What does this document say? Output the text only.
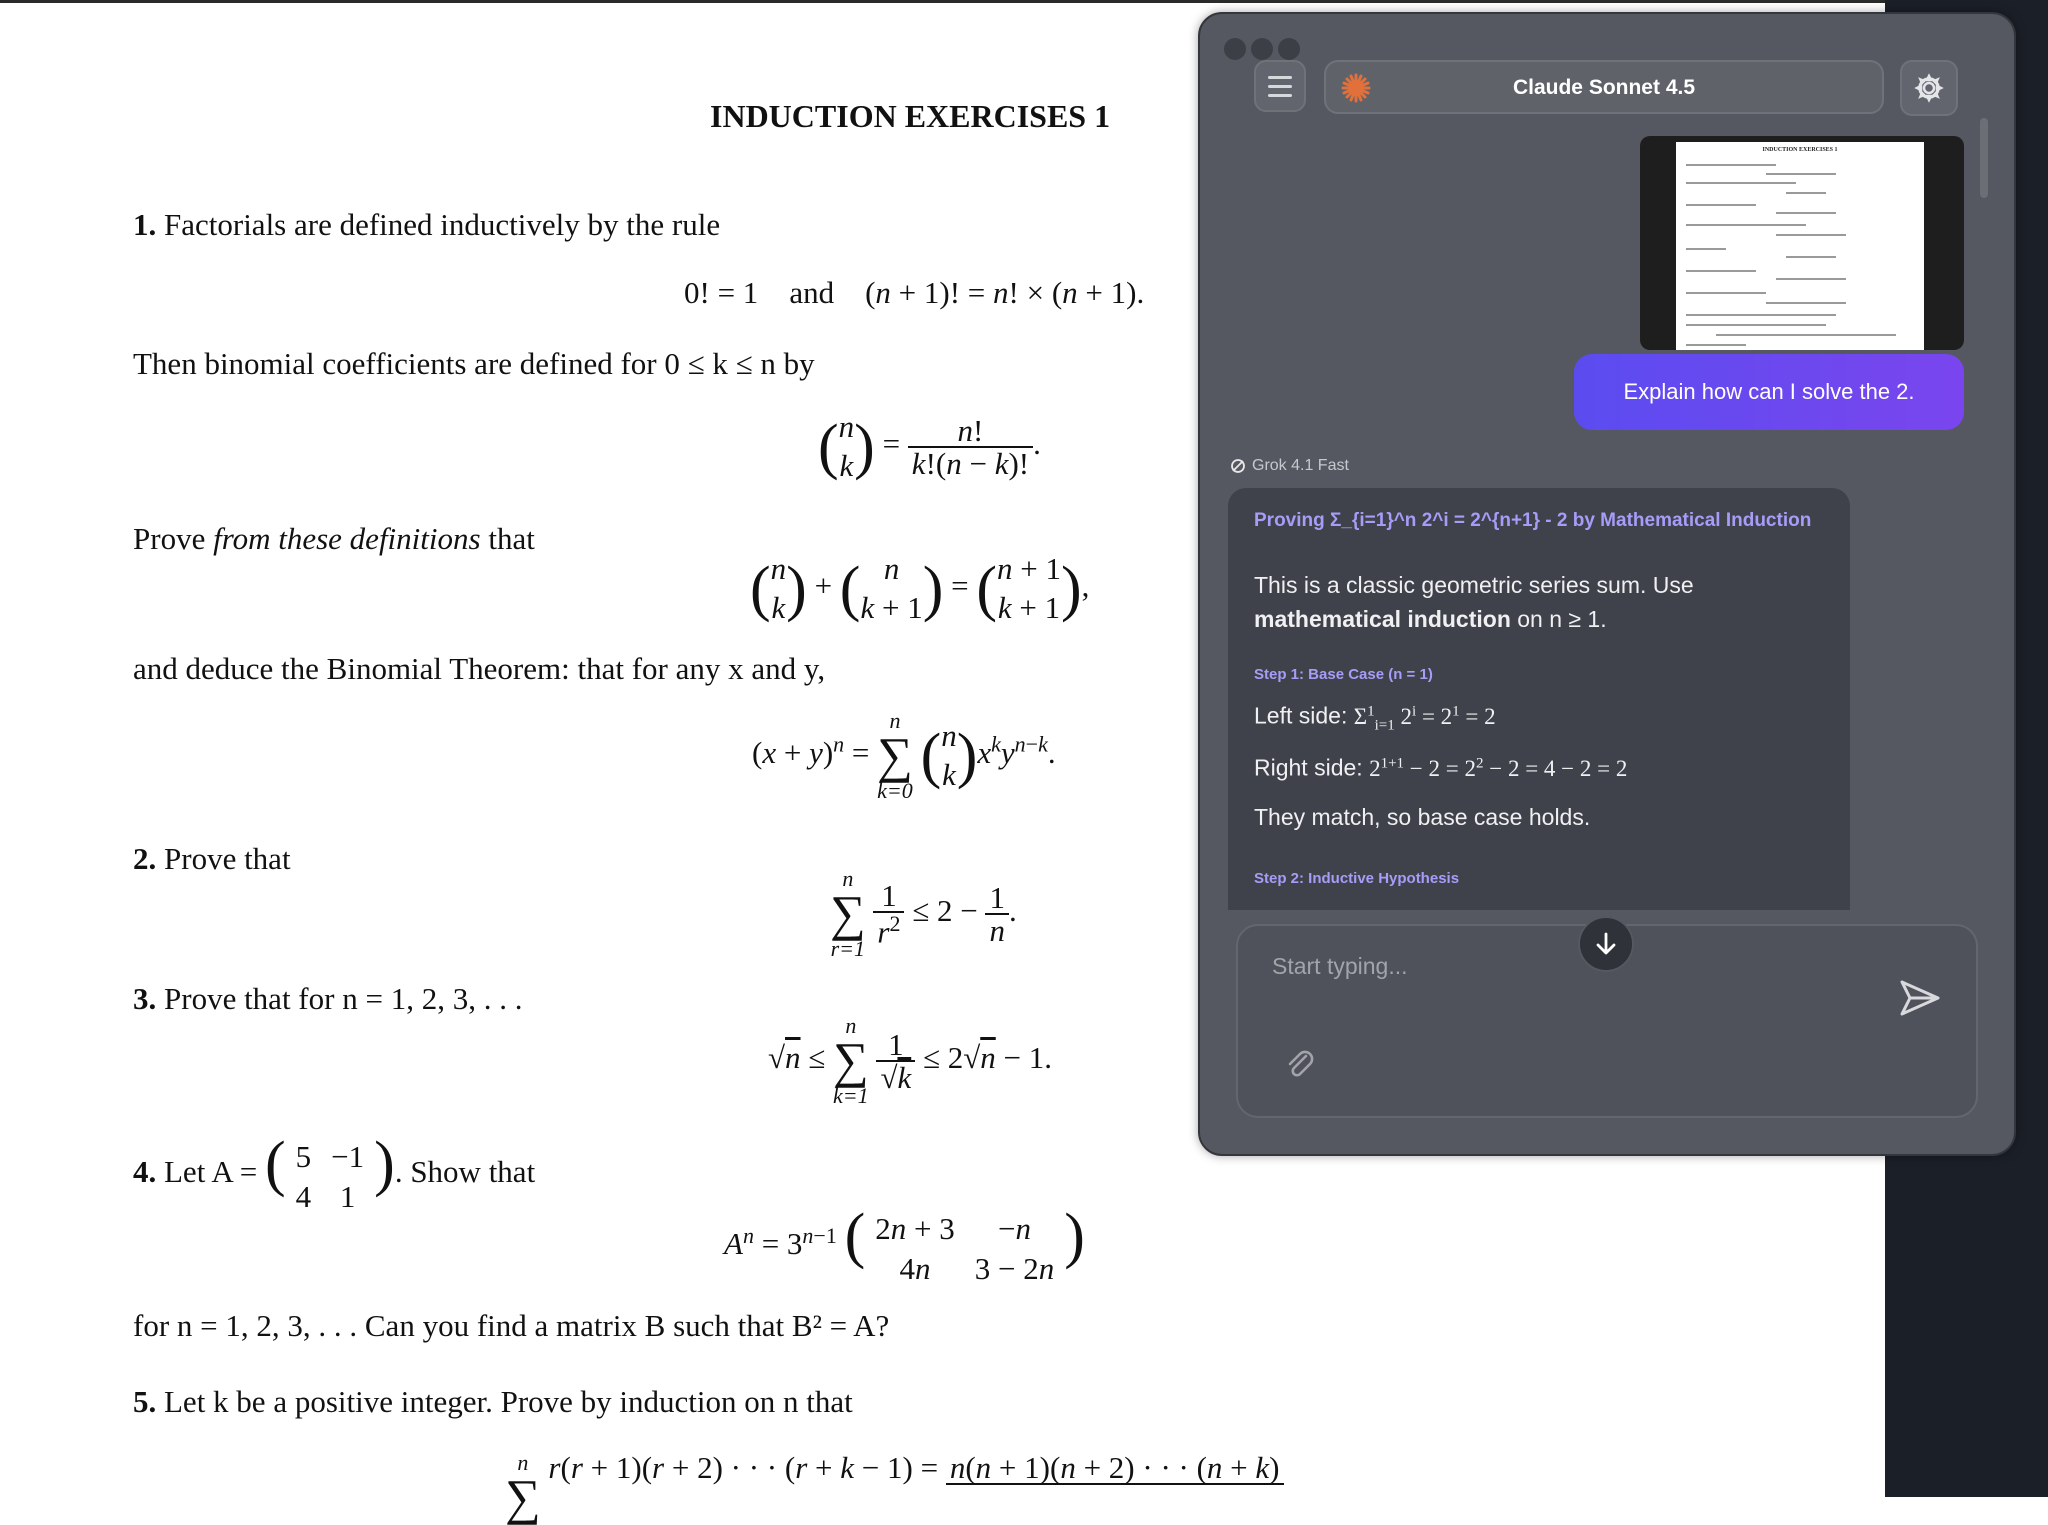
INDUCTION EXERCISES 1
1. Factorials are defined inductively by the rule
0! = 1    and    (n + 1)! = n! × (n + 1).
Then binomial coefficients are defined for 0 ≤ k ≤ n by
(n
$k) = \frac{n!}{k!(n - k)!}$ .
Prove from these definitions that
(n
k) + ( n
k + 1) = (n + 1
k + 1),
and deduce the Binomial Theorem: that for any x and y,
$(x + y)^n$ =
n
∑
k=0
(n
$k)x^ky^{n-k}$.
2. Prove that
n
∑
r=1

$\frac{1}{r^2} \le 2 - \frac{1}{n}$ .
3. Prove that for n = 1, 2, 3, . . .
√n ≤
n
∑
k=1

$\frac{1}{√k} \le 2√n - 1$.
4. Let A = ( 5
4−1
1 ). Show that
$A^n = 3^{n-1}$ ( 2n + 3
4n−n
3 − 2n )
for n = 1, 2, 3, . . . Can you find a matrix B such that B² = A?
5. Let k be a positive integer. Prove by induction on n that
n
∑
r(r + 1)(r + 2) · · · (r + k − 1) = n(n + 1)(n + 2) · · · (n + k)
Claude Sonnet 4.5
INDUCTION EXERCISES 1
Explain how can I solve the 2.
Grok 4.1 Fast
Proving Σ_{i=1}^n 2^i = 2^{n+1} - 2 by Mathematical Induction
This is a classic geometric series sum. Use
mathematical induction on n ≥ 1.
Step 1: Base Case (n = 1)
Left side: $\Sigma^1_{i=1}$ $2^i = 2^1 = 2$
Right side: $2^{1+1} - 2 = 2^2 - 2 = 4 - 2 = 2$
They match, so base case holds.
Step 2: Inductive Hypothesis
Start typing...
